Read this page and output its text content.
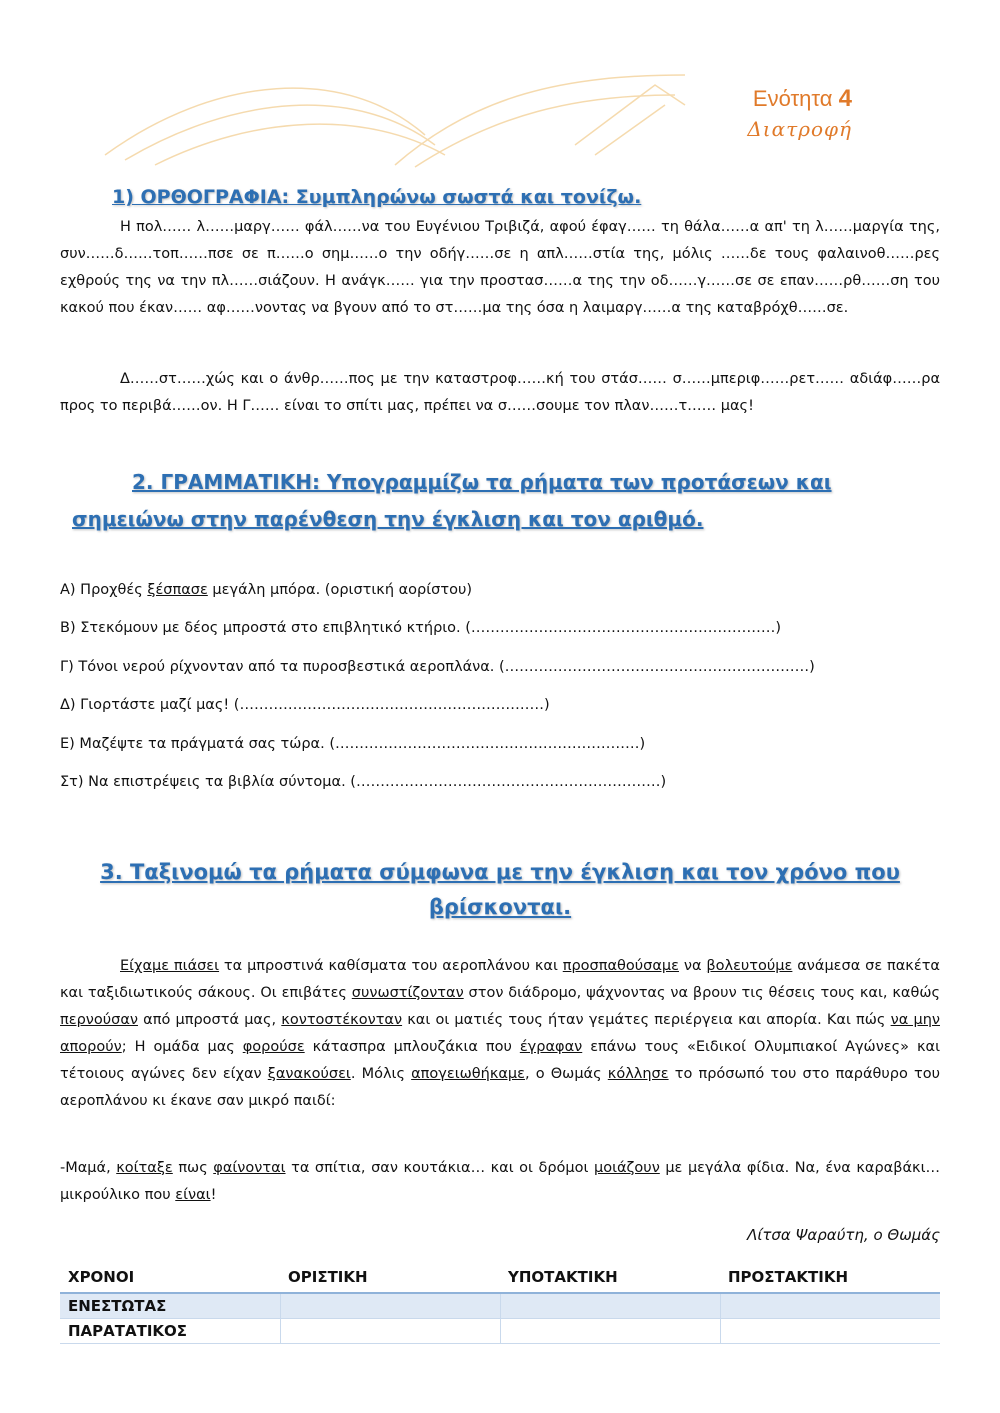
Ενότητα 4
Διατροφή
1) ΟΡΘΟΓΡΑΦΙΑ: Συμπληρώνω σωστά και τονίζω.
Η πολ…… λ……μαργ…… φάλ……να του Ευγένιου Τριβιζά, αφού έφαγ…… τη θάλα……α απ' τη λ……μαργία της, συν……δ……τοπ……πσε σε π……ο σημ……ο την οδήγ……σε η απλ……στία της, μόλις ……δε τους φαλαινοθ……ρες εχθρούς της να την πλ……σιάζουν. Η ανάγκ…… για την προστασ……α της την οδ……γ……σε σε επαν……ρθ……ση του κακού που έκαν…… αφ……νοντας να βγουν από το στ……μα της όσα η λαιμαργ……α της καταβρόχθ……σε.
Δ……στ……χώς και ο άνθρ……πος με την καταστροφ……κή του στάσ…… σ……μπεριφ……ρετ…… αδιάφ……ρα προς το περιβά……ον. Η Γ…… είναι το σπίτι μας, πρέπει να σ……σουμε τον πλαν……τ…… μας!
2. ΓΡΑΜΜΑΤΙΚΗ: Υπογραμμίζω τα ρήματα των προτάσεων και
σημειώνω στην παρένθεση την έγκλιση και τον αριθμό.
Α) Προχθές ξέσπασε μεγάλη μπόρα. (οριστική αορίστου)
Β) Στεκόμουν με δέος μπροστά στο επιβλητικό κτήριο. (………………………………………………………)
Γ) Τόνοι νερού ρίχνονταν από τα πυροσβεστικά αεροπλάνα. (………………………………………………………)
Δ) Γιορτάστε μαζί μας! (………………………………………………………)
Ε) Μαζέψτε τα πράγματά σας τώρα. (………………………………………………………)
Στ) Να επιστρέψεις τα βιβλία σύντομα. (………………………………………………………)
3. Ταξινομώ τα ρήματα σύμφωνα με την έγκλιση και τον χρόνο που
βρίσκονται.
Είχαμε πιάσει τα μπροστινά καθίσματα του αεροπλάνου και προσπαθούσαμε να βολευτούμε ανάμεσα σε πακέτα και ταξιδιωτικούς σάκους. Οι επιβάτες συνωστίζονταν στον διάδρομο, ψάχνοντας να βρουν τις θέσεις τους και, καθώς περνούσαν από μπροστά μας, κοντοστέκονταν και οι ματιές τους ήταν γεμάτες περιέργεια και απορία. Και πώς να μην απορούν; Η ομάδα μας φορούσε κάτασπρα μπλουζάκια που έγραφαν επάνω τους «Ειδικοί Ολυμπιακοί Αγώνες» και τέτοιους αγώνες δεν είχαν ξανακούσει. Μόλις απογειωθήκαμε, ο Θωμάς κόλλησε το πρόσωπό του στο παράθυρο του αεροπλάνου κι έκανε σαν μικρό παιδί:
-Μαμά, κοίταξε πως φαίνονται τα σπίτια, σαν κουτάκια… και οι δρόμοι μοιάζουν με μεγάλα φίδια. Να, ένα καραβάκι… μικρούλικο που είναι!
Λίτσα Ψαραύτη, ο Θωμάς
ΧΡΟΝΟΙ	ΟΡΙΣΤΙΚΗ	ΥΠΟΤΑΚΤΙΚΗ	ΠΡΟΣΤΑΚΤΙΚΗ
ΕΝΕΣΤΩΤΑΣ			
ΠΑΡΑΤΑΤΙΚΟΣ			
